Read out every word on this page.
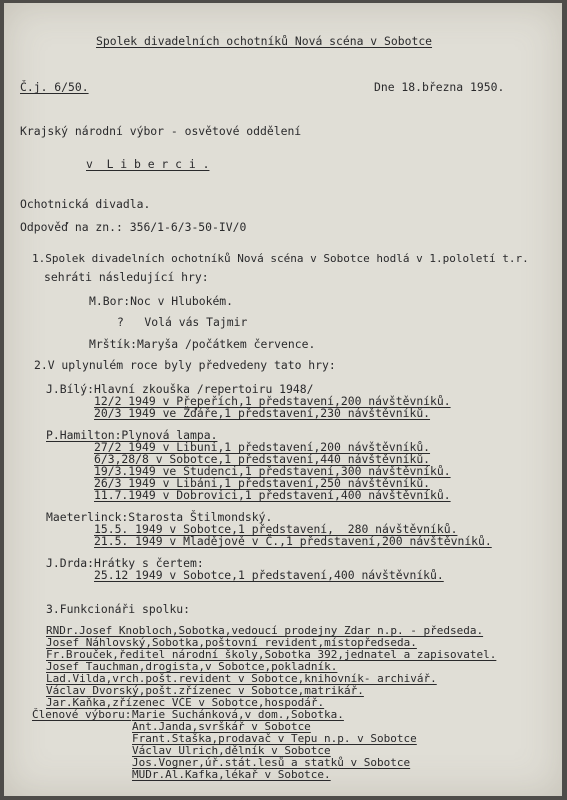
Spolek divadelních ochotníků Nová scéna v Sobotce
Č.j. 6/50.	Dne 18.března 1950.
Krajský národní výbor - osvětové oddělení
v  L i b e r c i .
Ochotnická divadla.
Odpověď na zn.: 356/1-6/3-50-IV/0
1.Spolek divadelních ochotníků Nová scéna v Sobotce hodlá v 1.pololetí t.r.
sehráti následující hry:
M.Bor:Noc v Hlubokém.
?   Volá vás Tajmir
Mrštík:Maryša /počátkem července.
2.V uplynulém roce byly předvedeny tato hry:
J.Bílý:Hlavní zkouška /repertoiru 1948/
12/2 1949 v Přepeřích,1 představení,200 návštěvníků.
20/3 1949 ve Žďáře,1 představení,230 návštěvníků.
P.Hamilton:Plynová lampa.
27/2 1949 v Libuni,1 představení,200 návštěvníků.
6/3,28/8 v Sobotce,1 představení,440 návštěvníků.
19/3.1949 ve Studenci,1 představení,300 návštěvníků.
26/3 1949 v Libáni,1 představení,250 návštěvníků.
11.7.1949 v Dobrovici,1 představení,400 návštěvníků.
Maeterlinck:Starosta Štilmondský.
15.5. 1949 v Sobotce,1 představení,  280 návštěvníků.
21.5. 1949 v Mladějově v Č.,1 představení,200 návštěvníků.
J.Drda:Hrátky s čertem:
25.12 1949 v Sobotce,1 představení,400 návštěvníků.
3.Funkcionáři spolku:
RNDr.Josef Knobloch,Sobotka,vedoucí prodejny Zdar n.p. - předseda.
Josef Náhlovský,Sobotka,poštovní revident,místopředseda.
Fr.Brouček,ředitel národní školy,Sobotka 392,jednatel a zapisovatel.
Josef Tauchman,drogista,v Sobotce,pokladník.
Lad.Vilda,vrch.pošt.revident v Sobotce,knihovník- archivář.
Václav Dvorský,pošt.zřízenec v Sobotce,matrikář.
Jar.Kaňka,zřízenec VČE v Sobotce,hospodář.
Členové výboru: Marie Suchánková,v dom.,Sobotka.
Ant.Janda,svrškář v Sobotce
Frant.Staška,prodavač v Tepu n.p. v Sobotce
Václav Ulrich,dělník v Sobotce
Jos.Vogner,úř.stát.lesů a statků v Sobotce
MUDr.Al.Kafka,lékař v Sobotce.
